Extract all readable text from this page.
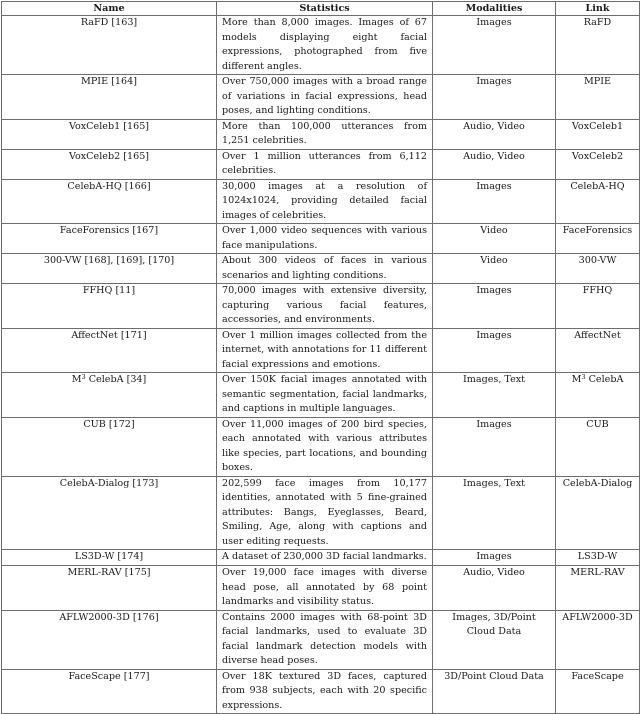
Name	Statistics	Modalities	Link
RaFD [163]	More than 8,000 images. Images of 67 models displaying eight facial expressions, photographed from five different angles.	Images	RaFD
MPIE [164]	Over 750,000 images with a broad range of variations in facial expressions, head poses, and lighting conditions.	Images	MPIE
VoxCeleb1 [165]	More than 100,000 utterances from 1,251 celebrities.	Audio, Video	VoxCeleb1
VoxCeleb2 [165]	Over 1 million utterances from 6,112 celebrities.	Audio, Video	VoxCeleb2
CelebA-HQ [166]	30,000 images at a resolution of 1024x1024, providing detailed facial images of celebrities.	Images	CelebA-HQ
FaceForensics [167]	Over 1,000 video sequences with various face manipulations.	Video	FaceForensics
300-VW [168], [169], [170]	About 300 videos of faces in various scenarios and lighting conditions.	Video	300-VW
FFHQ [11]	70,000 images with extensive diversity, capturing various facial features, accessories, and environments.	Images	FFHQ
AffectNet [171]	Over 1 million images collected from the internet, with annotations for 11 different facial expressions and emotions.	Images	AffectNet
$M^3$ CelebA [34]	Over 150K facial images annotated with semantic segmentation, facial landmarks, and captions in multiple languages.	Images, Text	$M^3$ CelebA
CUB [172]	Over 11,000 images of 200 bird species, each annotated with various attributes like species, part locations, and bounding boxes.	Images	CUB
CelebA-Dialog [173]	202,599 face images from 10,177 identities, annotated with 5 fine-grained attributes: Bangs, Eyeglasses, Beard, Smiling, Age, along with captions and user editing requests.	Images, Text	CelebA-Dialog
LS3D-W [174]	A dataset of 230,000 3D facial landmarks.	Images	LS3D-W
MERL-RAV [175]	Over 19,000 face images with diverse head pose, all annotated by 68 point landmarks and visibility status.	Audio, Video	MERL-RAV
AFLW2000-3D [176]	Contains 2000 images with 68-point 3D facial landmarks, used to evaluate 3D facial landmark detection models with diverse head poses.	Images, 3D/Point Cloud Data	AFLW2000-3D
FaceScape [177]	Over 18K textured 3D faces, captured from 938 subjects, each with 20 specific expressions.	3D/Point Cloud Data	FaceScape
